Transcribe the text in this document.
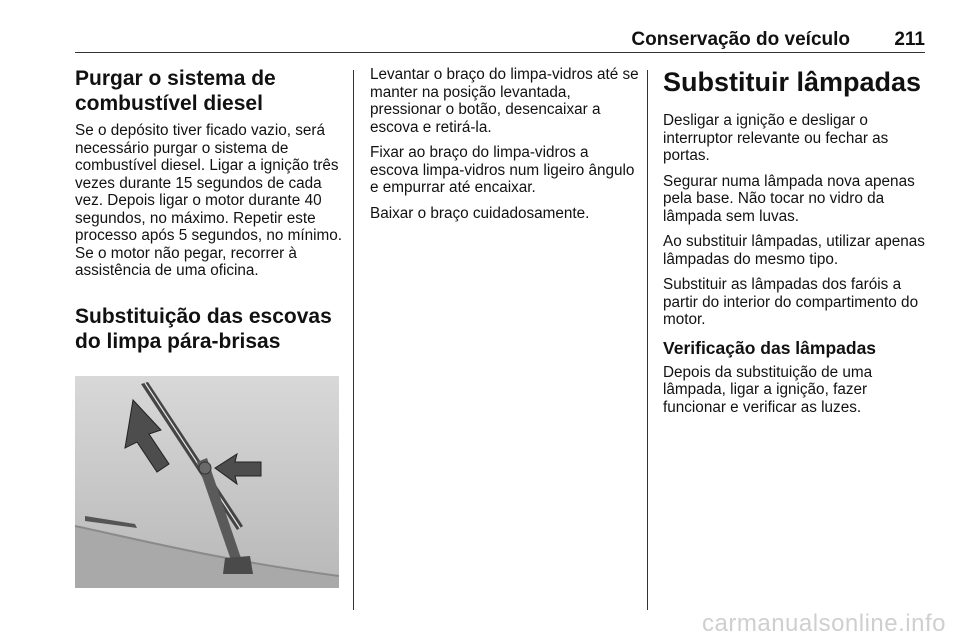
Conservação do veículo 211
Purgar o sistema de combustível diesel

Se o depósito tiver ficado vazio, será necessário purgar o sistema de combustível diesel. Ligar a ignição três vezes durante 15 segundos de cada vez. Depois ligar o motor durante 40 segundos, no máximo. Repetir este processo após 5 segundos, no mínimo. Se o motor não pegar, recorrer à assistência de uma oficina.

Substituição das escovas do limpa pára-brisas

Levantar o braço do limpa-vidros até se manter na posição levantada, pressionar o botão, desencaixar a escova e retirá-la.

Fixar ao braço do limpa-vidros a escova limpa-vidros num ligeiro ângulo e empurrar até encaixar.

Baixar o braço cuidadosamente.

Substituir lâmpadas

Desligar a ignição e desligar o interruptor relevante ou fechar as portas.

Segurar numa lâmpada nova apenas pela base. Não tocar no vidro da lâmpada sem luvas.

Ao substituir lâmpadas, utilizar apenas lâmpadas do mesmo tipo.

Substituir as lâmpadas dos faróis a partir do interior do compartimento do motor.

Verificação das lâmpadas

Depois da substituição de uma lâmpada, ligar a ignição, fazer funcionar e verificar as luzes.

carmanualsonline.info
